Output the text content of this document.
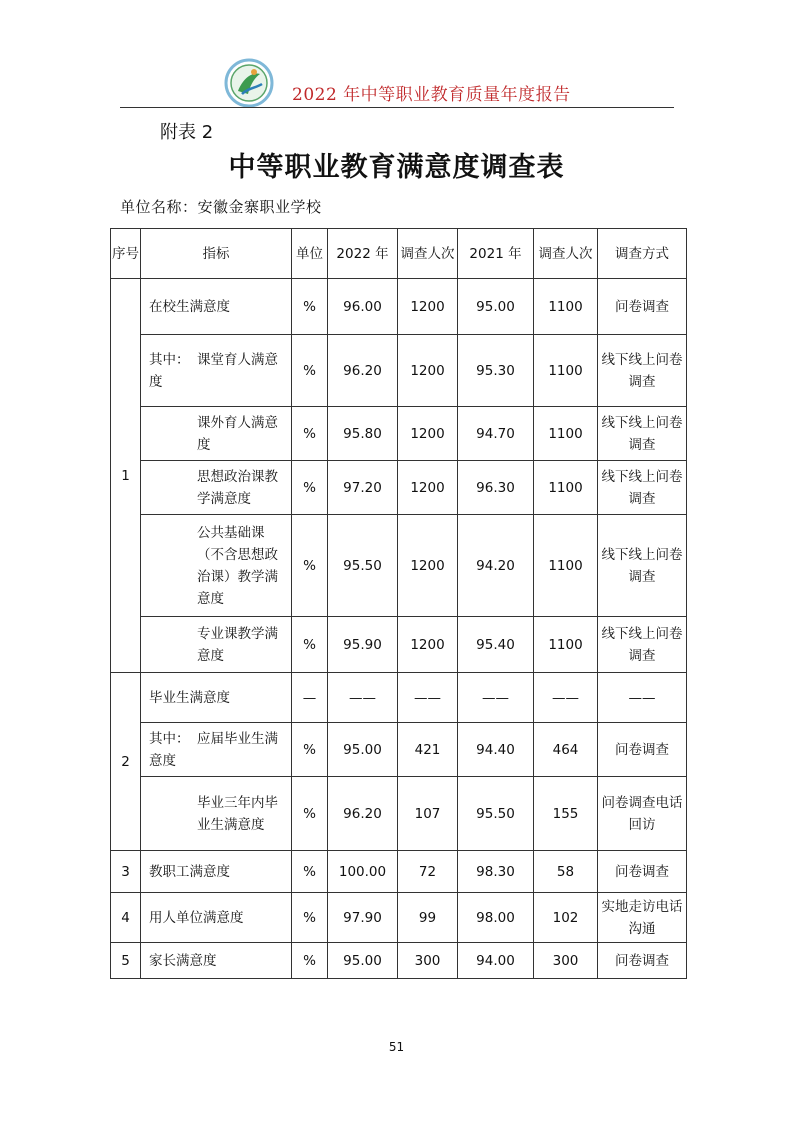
2022 年中等职业教育质量年度报告
附表 2
中等职业教育满意度调查表
单位名称：安徽金寨职业学校
序号	指标	单位	2022 年	调查人次	2021 年	调查人次	调查方式
1	在校生满意度	%	96.00	1200	95.00	1100	问卷调查
	其中： 课堂育人满意度	%	96.20	1200	95.30	1100	线下线上问卷调查
	课外育人满意度	%	95.80	1200	94.70	1100	线下线上问卷调查
	思想政治课教学满意度	%	97.20	1200	96.30	1100	线下线上问卷调查
	公共基础课（不含思想政治课）教学满意度	%	95.50	1200	94.20	1100	线下线上问卷调查
	专业课教学满意度	%	95.90	1200	95.40	1100	线下线上问卷调查
2	毕业生满意度	—	——	——	——	——	——
	其中： 应届毕业生满意度	%	95.00	421	94.40	464	问卷调查
	毕业三年内毕业生满意度	%	96.20	107	95.50	155	问卷调查电话回访
3	教职工满意度	%	100.00	72	98.30	58	问卷调查
4	用人单位满意度	%	97.90	99	98.00	102	实地走访电话沟通
5	家长满意度	%	95.00	300	94.00	300	问卷调查
51
